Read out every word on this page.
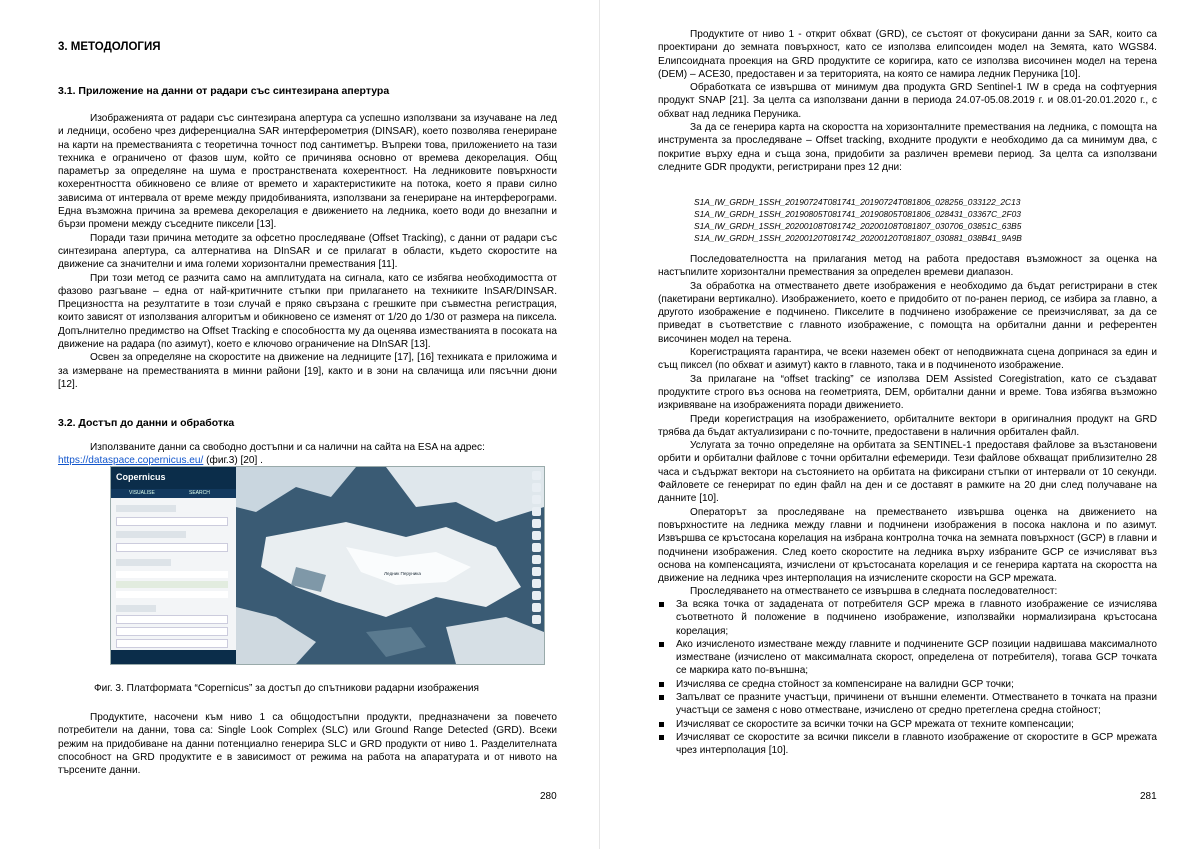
3. МЕТОДОЛОГИЯ
3.1. Приложение на данни от радари със синтезирана апертура

Изображенията от радари със синтезирана апертура са успешно използвани за изучаване на лед и ледници, особено чрез диференциална SAR интерферометрия (DINSAR), което позволява генериране на карти на преместванията с теоретична точност под сантиметър. Въпреки това, приложението на тази техника е ограничено от фазов шум, който се причинява основно от времева декорелация. Общ параметър за определяне на шума е пространствената кохерентност. На ледниковите повърхности кохерентността обикновено се влияе от времето и характеристиките на потока, което я прави силно зависима от интервала от време между придобиванията, използвани за генериране на интерферограми. Една възможна причина за времева декорелация е движението на ледника, което води до внезапни и бързи промени между съседните пиксели [13].

Поради тази причина методите за офсетно проследяване (Offset Tracking), с данни от радари със синтезирана апертура, са алтернатива на DInSAR и се прилагат в области, където скоростите на движение са значителни и има големи хоризонтални премествания [11].

При този метод се разчита само на амплитудата на сигнала, като се избягва необходимостта от фазово разгъване – една от най-критичните стъпки при прилагането на техниките InSAR/DINSAR. Прецизността на резултатите в този случай е пряко свързана с грешките при съвместна регистрация, които зависят от използвания алгоритъм и обикновено се изменят от 1/20 до 1/30 от размера на пиксела. Допълнително предимство на Offset Tracking е способността му да оценява изместванията в посоката на движение на радара (по азимут), което е ключово ограничение на DInSAR [13].

Освен за определяне на скоростите на движение на ледниците [17], [16] техниката е приложима и за измерване на преместванията в минни райони [19], както и в зони на свлачища или пясъчни дюни [12].

3.2. Достъп до данни и обработка

Използваните данни са свободно достъпни и са налични на сайта на ESA на адрес:

https://dataspace.copernicus.eu/ (фиг.3) [20] .
Ледник Перуника
Copernicus
VISUALISE	SEARCH
Фиг. 3. Платформата “Copernicus” за достъп до спътникови радарни изображения

Продуктите, насочени към ниво 1 са общодостъпни продукти, предназначени за повечето потребители на данни, това са: Single Look Complex (SLC) или Ground Range Detected (GRD). Всеки режим на придобиване на данни потенциално генерира SLC и GRD продукти от ниво 1. Разделителната способност на GRD продуктите е в зависимост от режима на работа на апаратурата и от нивото на търсените данни.

280

Продуктите от ниво 1 - открит обхват (GRD), се състоят от фокусирани данни за SAR, които са проектирани до земната повърхност, като се използва елипсоиден модел на Земята, като WGS84. Елипсоидната проекция на GRD продуктите се коригира, като се използва височинен модел на терена (DEM) – ACE30, предоставен и за територията, на която се намира ледник Перуника [10].

Обработката се извършва от минимум два продукта GRD Sentinel-1 IW в среда на софтуерния продукт SNAP [21]. За целта са използвани данни в периода 24.07-05.08.2019 г. и 08.01-20.01.2020 г., с обхват над ледника Перуника.

За да се генерира карта на скоростта на хоризонталните премествания на ледника, с помощта на инструмента за проследяване – Offset tracking, входните продукти е необходимо да са минимум два, с покритие върху една и съща зона, придобити за различен времеви период. За целта са използвани следните GDR продукти, регистрирани през 12 дни:

S1A_IW_GRDH_1SSH_20190724T081741_20190724T081806_028256_033122_2C13
S1A_IW_GRDH_1SSH_20190805T081741_20190805T081806_028431_03367C_2F03
S1A_IW_GRDH_1SSH_20200108T081742_20200108T081807_030706_03851C_63B5
S1A_IW_GRDH_1SSH_20200120T081742_20200120T081807_030881_038B41_9A9B

Последователността на прилагания метод на работа предоставя възможност за оценка на настъпилите хоризонтални премествания за определен времеви диапазон.

За обработка на отместването двете изображения е необходимо да бъдат регистрирани в стек (пакетирани вертикално). Изображението, което е придобито от по-ранен период, се избира за главно, а другото изображение е подчинено. Пикселите в подчинено изображение се преизчисляват, за да се приведат в съответствие с главното изображение, с помощта на орбитални данни и референтен височинен модел на терена.

Корегистрацията гарантира, че всеки наземен обект от неподвижната сцена допринася за един и същ пиксел (по обхват и азимут) както в главното, така и в подчиненото изображение.

За прилагане на “offset tracking” се използва DEM Assisted Coregistration, като се създават продуктите строго въз основа на геометрията, DEM, орбитални данни и време. Това избягва възможно изкривяване на изображенията поради движението.

Преди корегистрация на изображението, орбиталните вектори в оригиналния продукт на GRD трябва да бъдат актуализирани с по-точните, предоставени в наличния орбитален файл.

Услугата за точно определяне на орбитата за SENTINEL-1 предоставя файлове за възстановени орбити и орбитални файлове с точни орбитални ефемериди. Тези файлове обхващат приблизително 28 часа и съдържат вектори на състоянието на орбитата на фиксирани стъпки от интервали от 10 секунди. Файловете се генерират по един файл на ден и се доставят в рамките на 20 дни след получаване на данните [10].

Операторът за проследяване на преместването извършва оценка на движението на повърхностите на ледника между главни и подчинени изображения в посока наклона и по азимут. Извършва се кръстосана корелация на избрана контролна точка на земната повърхност (GCP) в главни и подчинени изображения. След което скоростите на ледника върху избраните GCP се изчисляват въз основа на компенсацията, изчислени от кръстосаната корелация и се генерира картата на скоростта на движение на ледника чрез интерполация на изчислените скорости на GCP мрежата.

Проследяването на отместването се извършва в следната последователност:

За всяка точка от зададената от потребителя GCP мрежа в главното изображение се изчислява съответното й положение в подчинено изображение, използвайки нормализирана кръстосана корелация;
Ако изчисленото изместване между главните и подчинените GCP позиции надвишава максималното изместване (изчислено от максималната скорост, определена от потребителя), тогава GCP точката се маркира като по-външна;
Изчислява се средна стойност за компенсиране на валидни GCP точки;
Запълват се празните участъци, причинени от външни елементи. Отместването в точката на празни участъци се заменя с ново отместване, изчислено от средно претеглена средна стойност;
Изчисляват се скоростите за всички точки на GCP мрежата от техните компенсации;
Изчисляват се скоростите за всички пиксели в главното изображение от скоростите в GCP мрежата чрез интерполация [10].
281
